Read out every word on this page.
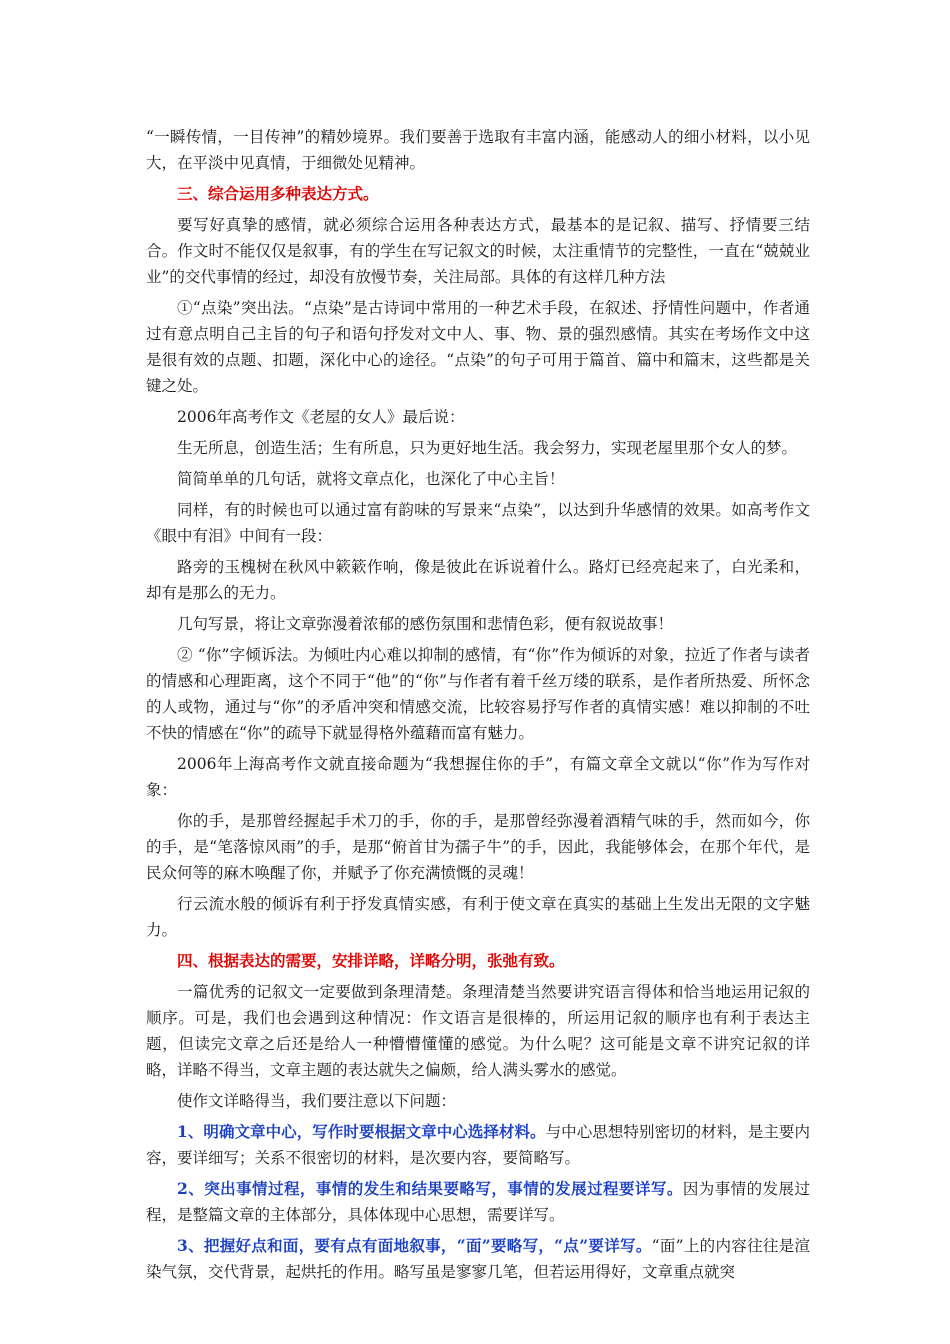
“一瞬传情，一目传神”的精妙境界。我们要善于选取有丰富内涵，能感动人的细小材料，以小见大，在平淡中见真情，于细微处见精神。

三、综合运用多种表达方式。

要写好真挚的感情，就必须综合运用各种表达方式，最基本的是记叙、描写、抒情要三结合。作文时不能仅仅是叙事，有的学生在写记叙文的时候，太注重情节的完整性，一直在“兢兢业业”的交代事情的经过，却没有放慢节奏，关注局部。具体的有这样几种方法

①“点染”突出法。“点染”是古诗词中常用的一种艺术手段，在叙述、抒情性问题中，作者通过有意点明自己主旨的句子和语句抒发对文中人、事、物、景的强烈感情。其实在考场作文中这是很有效的点题、扣题，深化中心的途径。“点染”的句子可用于篇首、篇中和篇末，这些都是关键之处。

2006年高考作文《老屋的女人》最后说：

生无所息，创造生活；生有所息，只为更好地生活。我会努力，实现老屋里那个女人的梦。

简简单单的几句话，就将文章点化，也深化了中心主旨！

同样，有的时候也可以通过富有韵味的写景来“点染”，以达到升华感情的效果。如高考作文《眼中有泪》中间有一段：

路旁的玉槐树在秋风中簌簌作响，像是彼此在诉说着什么。路灯已经亮起来了，白光柔和，却有是那么的无力。

几句写景，将让文章弥漫着浓郁的感伤氛围和悲情色彩，便有叙说故事！

② “你”字倾诉法。为倾吐内心难以抑制的感情，有“你”作为倾诉的对象，拉近了作者与读者的情感和心理距离，这个不同于“他”的“你”与作者有着千丝万缕的联系，是作者所热爱、所怀念的人或物，通过与“你”的矛盾冲突和情感交流，比较容易抒写作者的真情实感！难以抑制的不吐不快的情感在“你”的疏导下就显得格外蕴藉而富有魅力。

2006年上海高考作文就直接命题为“我想握住你的手”，有篇文章全文就以“你”作为写作对象：

你的手，是那曾经握起手术刀的手，你的手，是那曾经弥漫着酒精气味的手，然而如今，你的手，是“笔落惊风雨”的手，是那“俯首甘为孺子牛”的手，因此，我能够体会，在那个年代，是民众何等的麻木唤醒了你，并赋予了你充满愤慨的灵魂！

行云流水般的倾诉有利于抒发真情实感，有利于使文章在真实的基础上生发出无限的文字魅力。

四、根据表达的需要，安排详略，详略分明，张弛有致。

一篇优秀的记叙文一定要做到条理清楚。条理清楚当然要讲究语言得体和恰当地运用记叙的顺序。可是，我们也会遇到这种情况：作文语言是很棒的，所运用记叙的顺序也有利于表达主题，但读完文章之后还是给人一种懵懵懂懂的感觉。为什么呢？这可能是文章不讲究记叙的详略，详略不得当，文章主题的表达就失之偏颇，给人满头雾水的感觉。

使作文详略得当，我们要注意以下问题：

1、明确文章中心，写作时要根据文章中心选择材料。与中心思想特别密切的材料，是主要内容，要详细写；关系不很密切的材料，是次要内容，要简略写。

2、突出事情过程，事情的发生和结果要略写，事情的发展过程要详写。因为事情的发展过程，是整篇文章的主体部分，具体体现中心思想，需要详写。

3、把握好点和面，要有点有面地叙事，“面”要略写，“点”要详写。“面”上的内容往往是渲染气氛，交代背景，起烘托的作用。略写虽是寥寥几笔，但若运用得好，文章重点就突
